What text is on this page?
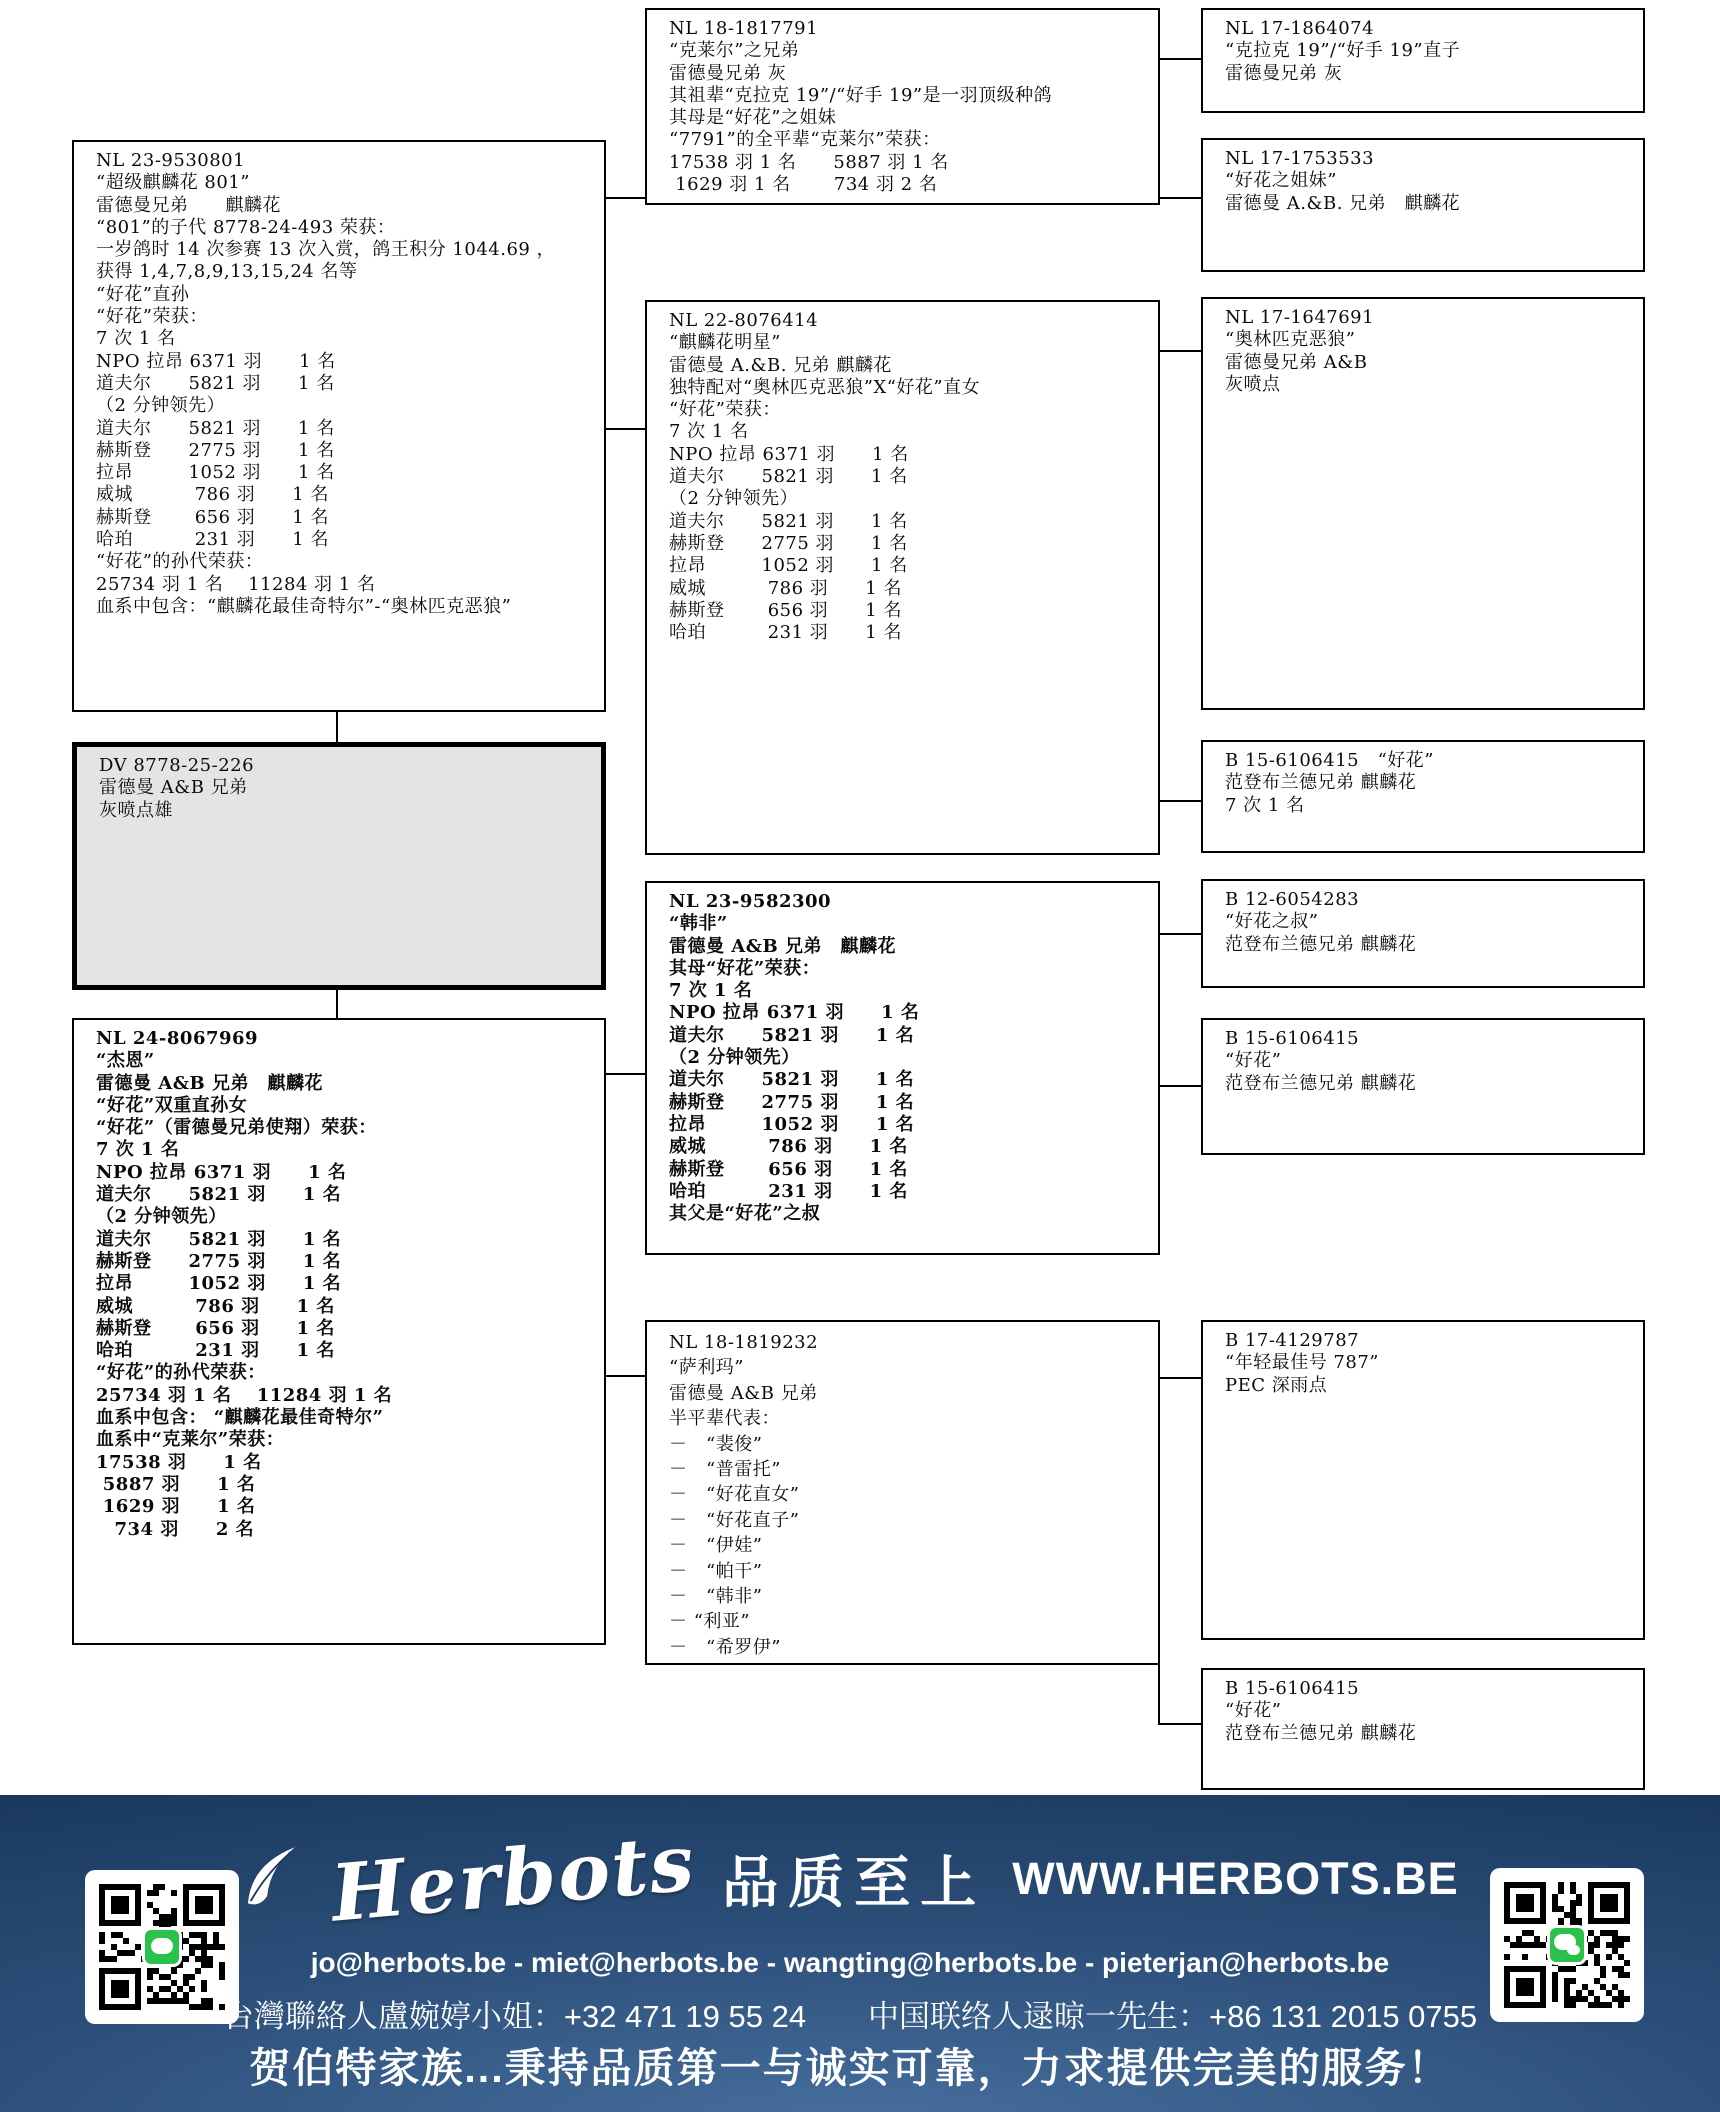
NL 23-9530801
“超级麒麟花 801”
雷德曼兄弟　　麒麟花
“801”的子代 8778-24-493 荣获：
一岁鸽时 14 次参赛 13 次入赏，鸽王积分 1044.69 ，
获得 1,4,7,8,9,13,15,24 名等
“好花”直孙
“好花”荣获：
7 次 1 名
NPO 拉昂 6371 羽　　1 名
道夫尔　　5821 羽　　1 名
（2 分钟领先）
道夫尔　　5821 羽　　1 名
赫斯登　　2775 羽　　1 名
拉昂　　　1052 羽　　1 名
威城　　　 786 羽　　1 名
赫斯登　　 656 羽　　1 名
哈珀　　　 231 羽　　1 名
“好花”的孙代荣获：
25734 羽 1 名　 11284 羽 1 名
血系中包含：“麒麟花最佳奇特尔”-“奥林匹克恶狼”
DV 8778-25-226
雷德曼 A&B 兄弟
灰喷点雄
NL 24-8067969
“杰恩”
雷德曼 A&B 兄弟　麒麟花
“好花”双重直孙女
“好花”（雷德曼兄弟使翔）荣获：
7 次 1 名
NPO 拉昂 6371 羽　　1 名
道夫尔　　5821 羽　　1 名
（2 分钟领先）
道夫尔　　5821 羽　　1 名
赫斯登　　2775 羽　　1 名
拉昂　　　1052 羽　　1 名
威城　　　 786 羽　　1 名
赫斯登　　 656 羽　　1 名
哈珀　　　 231 羽　　1 名
“好花”的孙代荣获：
25734 羽 1 名　 11284 羽 1 名
血系中包含： “麒麟花最佳奇特尔”
血系中“克莱尔”荣获：
17538 羽　　1 名
5887 羽　　1 名
1629 羽　　1 名
　734 羽　　2 名
NL 18-1817791
“克莱尔”之兄弟
雷德曼兄弟 灰
其祖辈“克拉克 19”/“好手 19”是一羽顶级种鸽
其母是“好花”之姐妹
“7791”的全平辈“克莱尔”荣获：
17538 羽 1 名　　5887 羽 1 名
1629 羽 1 名　　 734 羽 2 名
NL 22-8076414
“麒麟花明星”
雷德曼 A.&B. 兄弟 麒麟花
独特配对“奥林匹克恶狼”X“好花”直女
“好花”荣获：
7 次 1 名
NPO 拉昂 6371 羽　　1 名
道夫尔　　5821 羽　　1 名
（2 分钟领先）
道夫尔　　5821 羽　　1 名
赫斯登　　2775 羽　　1 名
拉昂　　　1052 羽　　1 名
威城　　　 786 羽　　1 名
赫斯登　　 656 羽　　1 名
哈珀　　　 231 羽　　1 名
NL 23-9582300
“韩非”
雷德曼 A&B 兄弟　麒麟花
其母“好花”荣获：
7 次 1 名
NPO 拉昂 6371 羽　　1 名
道夫尔　　5821 羽　　1 名
（2 分钟领先）
道夫尔　　5821 羽　　1 名
赫斯登　　2775 羽　　1 名
拉昂　　　1052 羽　　1 名
威城　　　 786 羽　　1 名
赫斯登　　 656 羽　　1 名
哈珀　　　 231 羽　　1 名
其父是“好花”之叔
NL 18-1819232
“萨利玛”
雷德曼 A&B 兄弟
半平辈代表：
－　“裴俊”
－　“普雷托”
－　“好花直女”
－　“好花直子”
－　“伊娃”
－　“帕干”
－　“韩非”
－ “利亚”
－　“希罗伊”
NL 17-1864074
“克拉克 19”/“好手 19”直子
雷德曼兄弟 灰
NL 17-1753533
“好花之姐妹”
雷德曼 A.&B. 兄弟　麒麟花
NL 17-1647691
“奥林匹克恶狼”
雷德曼兄弟 A&B
灰喷点
B 15-6106415　“好花”
范登布兰德兄弟 麒麟花
7 次 1 名
B 12-6054283
“好花之叔”
范登布兰德兄弟 麒麟花
B 15-6106415
“好花”
范登布兰德兄弟 麒麟花
B 17-4129787
“年轻最佳号 787”
PEC 深雨点
B 15-6106415
“好花”
范登布兰德兄弟 麒麟花
Herbots 品质至上 WWW.HERBOTS.BE
jo@herbots.be - miet@herbots.be - wangting@herbots.be - pieterjan@herbots.be
台灣聯絡人盧婉婷小姐：+32 471 19 55 24　　中国联络人逯晾一先生：+86 131 2015 0755
贺伯特家族...秉持品质第一与诚实可靠，力求提供完美的服务！
